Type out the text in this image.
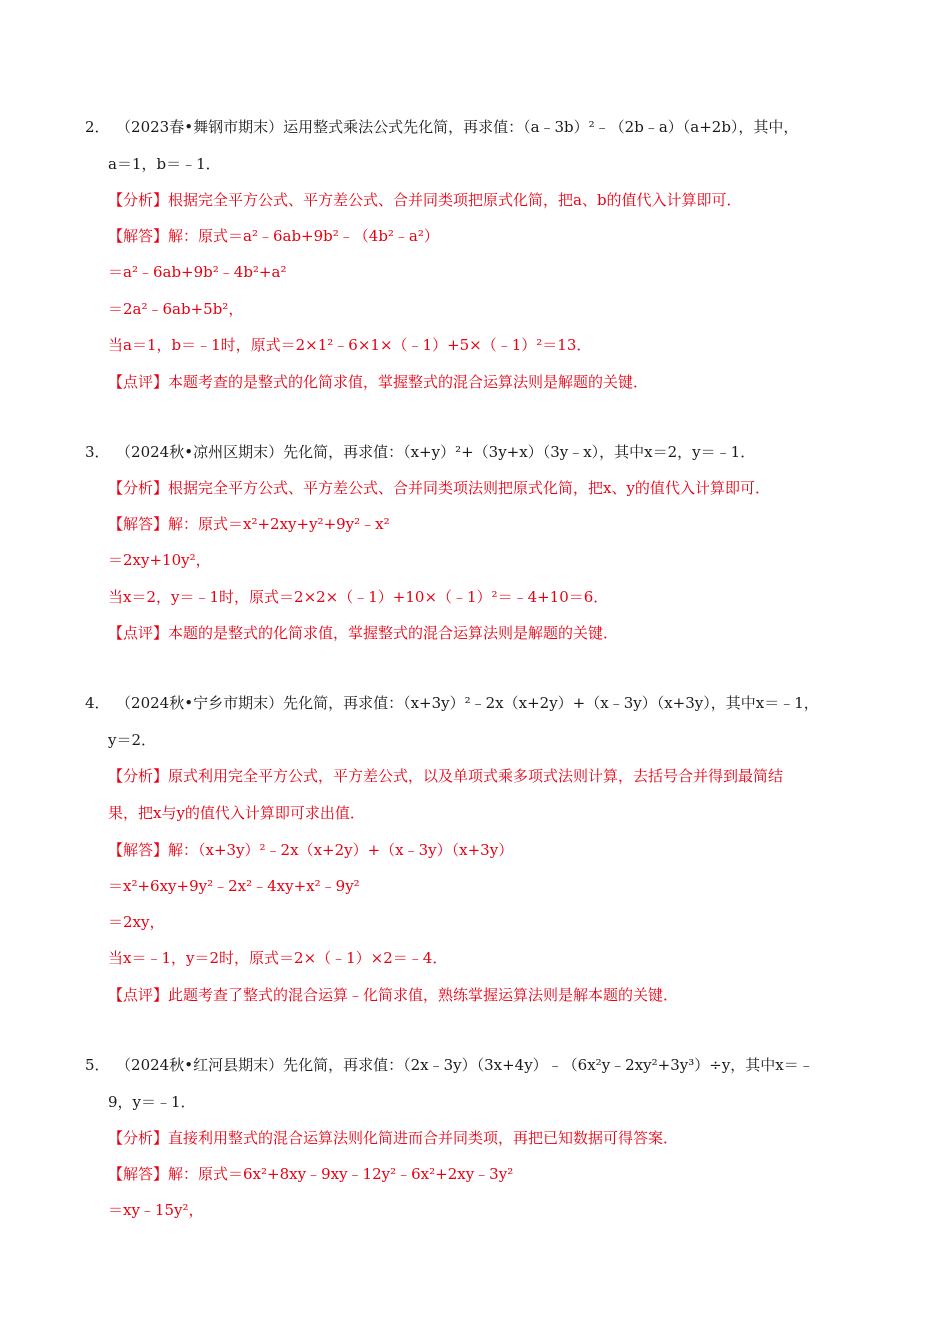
2． （2023春•舞钢市期末）运用整式乘法公式先化简，再求值：（a﹣3b）²﹣（2b﹣a）（a+2b），其中，
a＝1，b＝﹣1．
【分析】根据完全平方公式、平方差公式、合并同类项把原式化简，把a、b的值代入计算即可．
【解答】解：原式＝a²﹣6ab+9b²﹣（4b²﹣a²）
＝a²﹣6ab+9b²﹣4b²+a²
＝2a²﹣6ab+5b²，
当a＝1，b＝﹣1时，原式＝2×1²﹣6×1×（﹣1）+5×（﹣1）²＝13．
【点评】本题考查的是整式的化简求值，掌握整式的混合运算法则是解题的关键．
3． （2024秋•凉州区期末）先化简，再求值：（x+y）²+（3y+x）（3y﹣x），其中x＝2，y＝﹣1．
【分析】根据完全平方公式、平方差公式、合并同类项法则把原式化简，把x、y的值代入计算即可．
【解答】解：原式＝x²+2xy+y²+9y²﹣x²
＝2xy+10y²，
当x＝2，y＝﹣1时，原式＝2×2×（﹣1）+10×（﹣1）²＝﹣4+10＝6．
【点评】本题的是整式的化简求值，掌握整式的混合运算法则是解题的关键．
4． （2024秋•宁乡市期末）先化简，再求值：（x+3y）²﹣2x（x+2y）+（x﹣3y）（x+3y），其中x＝﹣1，
y＝2．
【分析】原式利用完全平方公式，平方差公式，以及单项式乘多项式法则计算，去括号合并得到最简结
果，把x与y的值代入计算即可求出值．
【解答】解：（x+3y）²﹣2x（x+2y）+（x﹣3y）（x+3y）
＝x²+6xy+9y²﹣2x²﹣4xy+x²﹣9y²
＝2xy，
当x＝﹣1，y＝2时，原式＝2×（﹣1）×2＝﹣4．
【点评】此题考查了整式的混合运算﹣化简求值，熟练掌握运算法则是解本题的关键．
5． （2024秋•红河县期末）先化简，再求值：（2x﹣3y）（3x+4y）﹣（6x²y﹣2xy²+3y³）÷y，其中x＝﹣
9，y＝﹣1．
【分析】直接利用整式的混合运算法则化简进而合并同类项，再把已知数据可得答案．
【解答】解：原式＝6x²+8xy﹣9xy﹣12y²﹣6x²+2xy﹣3y²
＝xy﹣15y²，
